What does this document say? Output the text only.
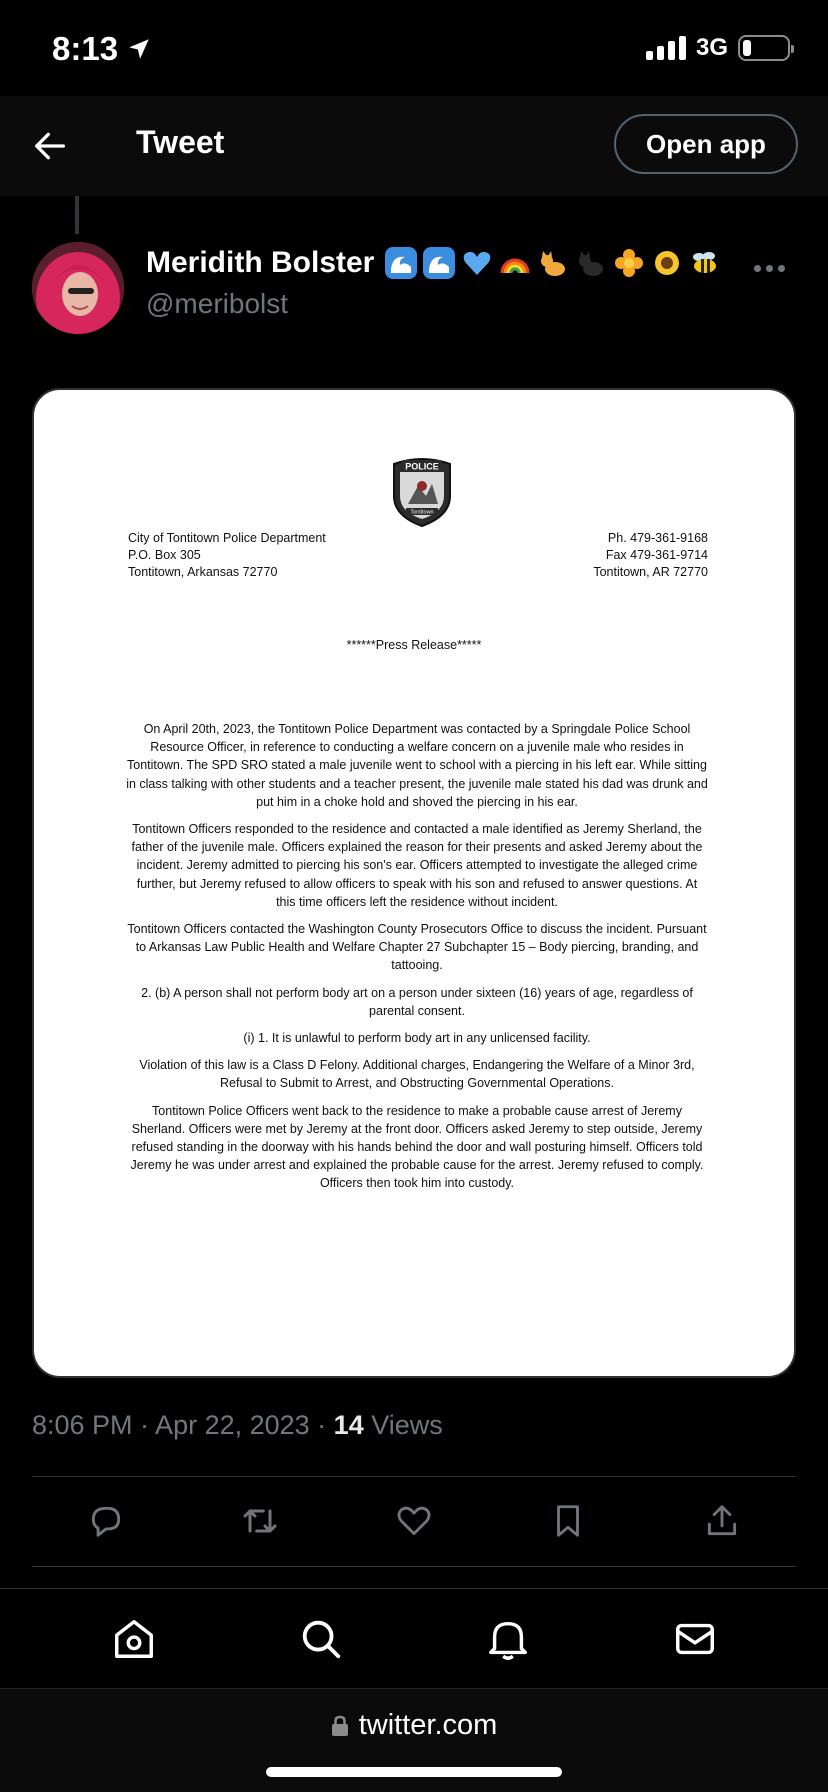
8:13	3G
Tweet	Open app
Meridith Bolster
@meribolst
POLICE
Tontitown
City of Tontitown Police Department
P.O. Box 305
Tontitown, Arkansas 72770
Ph. 479-361-9168
Fax 479-361-9714
Tontitown, AR 72770
******Press Release*****

On April 20th, 2023, the Tontitown Police Department was contacted by a Springdale Police School Resource Officer, in reference to conducting a welfare concern on a juvenile male who resides in Tontitown. The SPD SRO stated a male juvenile went to school with a piercing in his left ear. While sitting in class talking with other students and a teacher present, the juvenile male stated his dad was drunk and put him in a choke hold and shoved the piercing in his ear.

Tontitown Officers responded to the residence and contacted a male identified as Jeremy Sherland, the father of the juvenile male. Officers explained the reason for their presents and asked Jeremy about the incident. Jeremy admitted to piercing his son's ear. Officers attempted to investigate the alleged crime further, but Jeremy refused to allow officers to speak with his son and refused to answer questions. At this time officers left the residence without incident.

Tontitown Officers contacted the Washington County Prosecutors Office to discuss the incident. Pursuant to Arkansas Law Public Health and Welfare Chapter 27 Subchapter 15 – Body piercing, branding, and tattooing.

2. (b) A person shall not perform body art on a person under sixteen (16) years of age, regardless of parental consent.

(i) 1. It is unlawful to perform body art in any unlicensed facility.

Violation of this law is a Class D Felony. Additional charges, Endangering the Welfare of a Minor 3rd, Refusal to Submit to Arrest, and Obstructing Governmental Operations.

Tontitown Police Officers went back to the residence to make a probable cause arrest of Jeremy Sherland. Officers were met by Jeremy at the front door. Officers asked Jeremy to step outside, Jeremy refused standing in the doorway with his hands behind the door and wall posturing himself. Officers told Jeremy he was under arrest and explained the probable cause for the arrest. Jeremy refused to comply. Officers then took him into custody.

8:06 PM · Apr 22, 2023 · 14 Views
twitter.com
